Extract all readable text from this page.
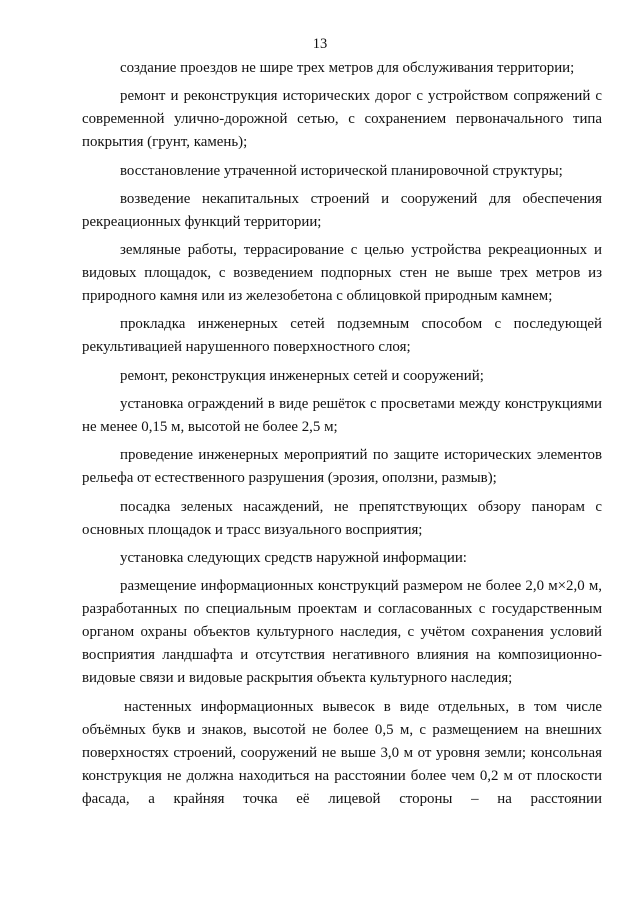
13

создание проездов не шире трех метров для обслуживания территории;

ремонт и реконструкция исторических дорог с устройством сопряжений с современной улично-дорожной сетью, с сохранением первоначального типа покрытия (грунт, камень);

восстановление утраченной исторической планировочной структуры;

возведение некапитальных строений и сооружений для обеспечения рекреационных функций территории;

земляные работы, террасирование с целью устройства рекреационных и видовых площадок, с возведением подпорных стен не выше трех метров из природного камня или из железобетона с облицовкой природным камнем;

прокладка инженерных сетей подземным способом с последующей рекультивацией нарушенного поверхностного слоя;

ремонт, реконструкция инженерных сетей и сооружений;

установка ограждений в виде решёток с просветами между конструкциями не менее 0,15 м, высотой не более 2,5 м;

проведение инженерных мероприятий по защите исторических элементов рельефа от естественного разрушения (эрозия, оползни, размыв);

посадка зеленых насаждений, не препятствующих обзору панорам с основных площадок и трасс визуального восприятия;

установка следующих средств наружной информации:

размещение информационных конструкций размером не более 2,0 м×2,0 м, разработанных по специальным проектам и согласованных с государственным органом охраны объектов культурного наследия, с учётом сохранения условий восприятия ландшафта и отсутствия негативного влияния на композиционно-видовые связи и видовые раскрытия объекта культурного наследия;

настенных информационных вывесок в виде отдельных, в том числе объёмных букв и знаков, высотой не более 0,5 м, с размещением на внешних поверхностях строений, сооружений не выше 3,0 м от уровня земли; консольная конструкция не должна находиться на расстоянии более чем 0,2 м от плоскости фасада, а крайняя точка её лицевой стороны – на расстоянии
